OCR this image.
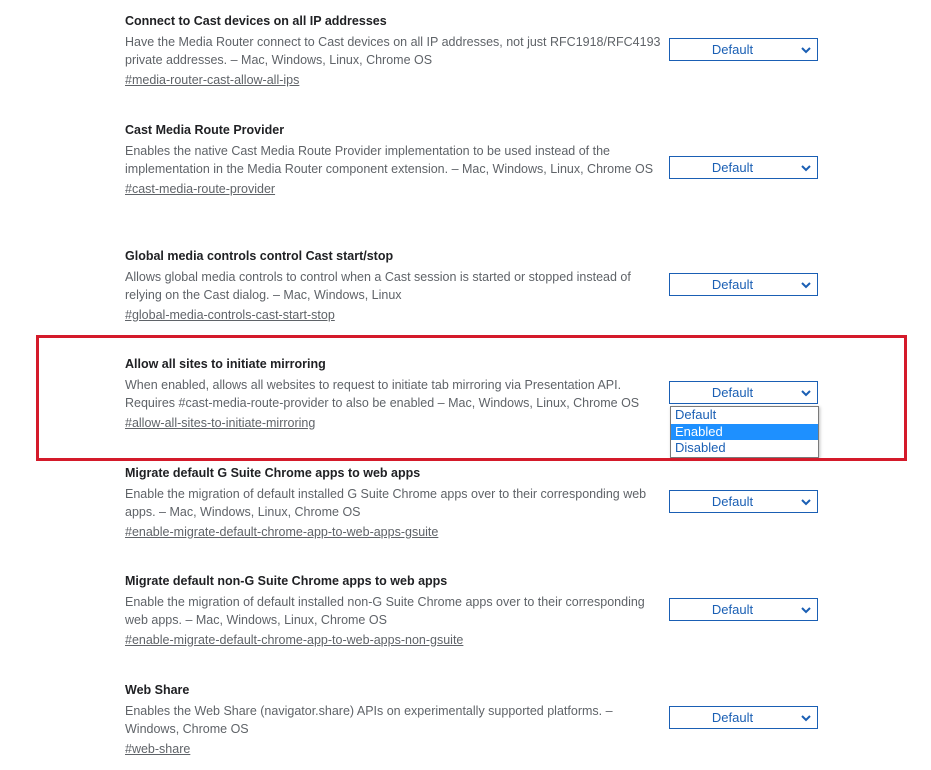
Connect to Cast devices on all IP addresses

Have the Media Router connect to Cast devices on all IP addresses, not just RFC1918/RFC4193 private addresses. – Mac, Windows, Linux, Chrome OS

#media-router-cast-allow-all-ips
Default
Cast Media Route Provider

Enables the native Cast Media Route Provider implementation to be used instead of the implementation in the Media Router component extension. – Mac, Windows, Linux, Chrome OS

#cast-media-route-provider
Default
Global media controls control Cast start/stop

Allows global media controls to control when a Cast session is started or stopped instead of relying on the Cast dialog. – Mac, Windows, Linux

#global-media-controls-cast-start-stop
Default
Allow all sites to initiate mirroring

When enabled, allows all websites to request to initiate tab mirroring via Presentation API. Requires #cast-media-route-provider to also be enabled – Mac, Windows, Linux, Chrome OS

#allow-all-sites-to-initiate-mirroring
Default
Default
Enabled
Disabled
Migrate default G Suite Chrome apps to web apps

Enable the migration of default installed G Suite Chrome apps over to their corresponding web apps. – Mac, Windows, Linux, Chrome OS

#enable-migrate-default-chrome-app-to-web-apps-gsuite
Default
Migrate default non-G Suite Chrome apps to web apps

Enable the migration of default installed non-G Suite Chrome apps over to their corresponding web apps. – Mac, Windows, Linux, Chrome OS

#enable-migrate-default-chrome-app-to-web-apps-non-gsuite
Default
Web Share

Enables the Web Share (navigator.share) APIs on experimentally supported platforms. – Windows, Chrome OS

#web-share
Default
